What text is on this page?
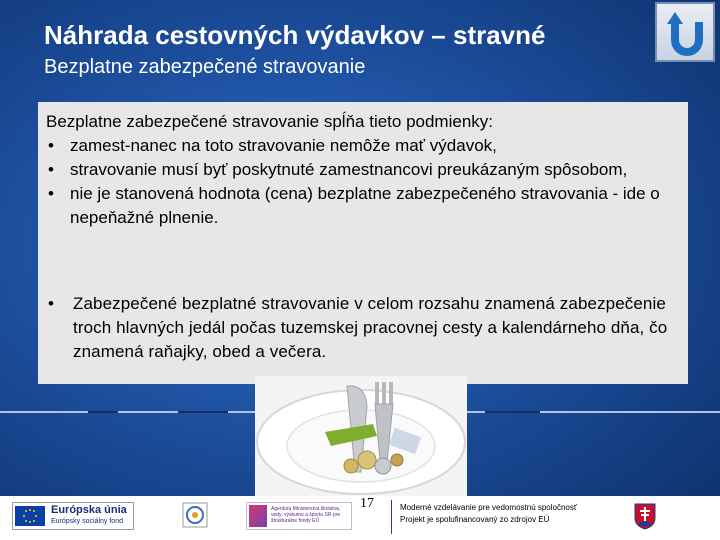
Náhrada cestovných výdavkov – stravné
Bezplatne zabezpečené stravovanie
Bezplatne zabezpečené stravovanie spĺňa tieto podmienky:
• zamest-nanec na toto stravovanie nemôže mať výdavok,
• stravovanie musí byť poskytnuté zamestnancovi preukázaným spôsobom,
• nie je stanovená hodnota (cena) bezplatne zabezpečeného stravovania - ide o nepeňažné plnenie.
• Zabezpečené bezplatné stravovanie v celom rozsahu znamená zabezpečenie troch hlavných jedál počas tuzemskej pracovnej cesty a kalendárneho dňa, čo znamená raňajky, obed a večera.
Európska únia
Európsky sociálny fond
Agentúra Ministerstva školstva, vedy, výskumu a športu SR pre štrukturálne fondy EÚ
17	Moderné vzdelávanie pre vedomostnú spoločnosť
Projekt je spolufinancovaný zo zdrojov EÚ
